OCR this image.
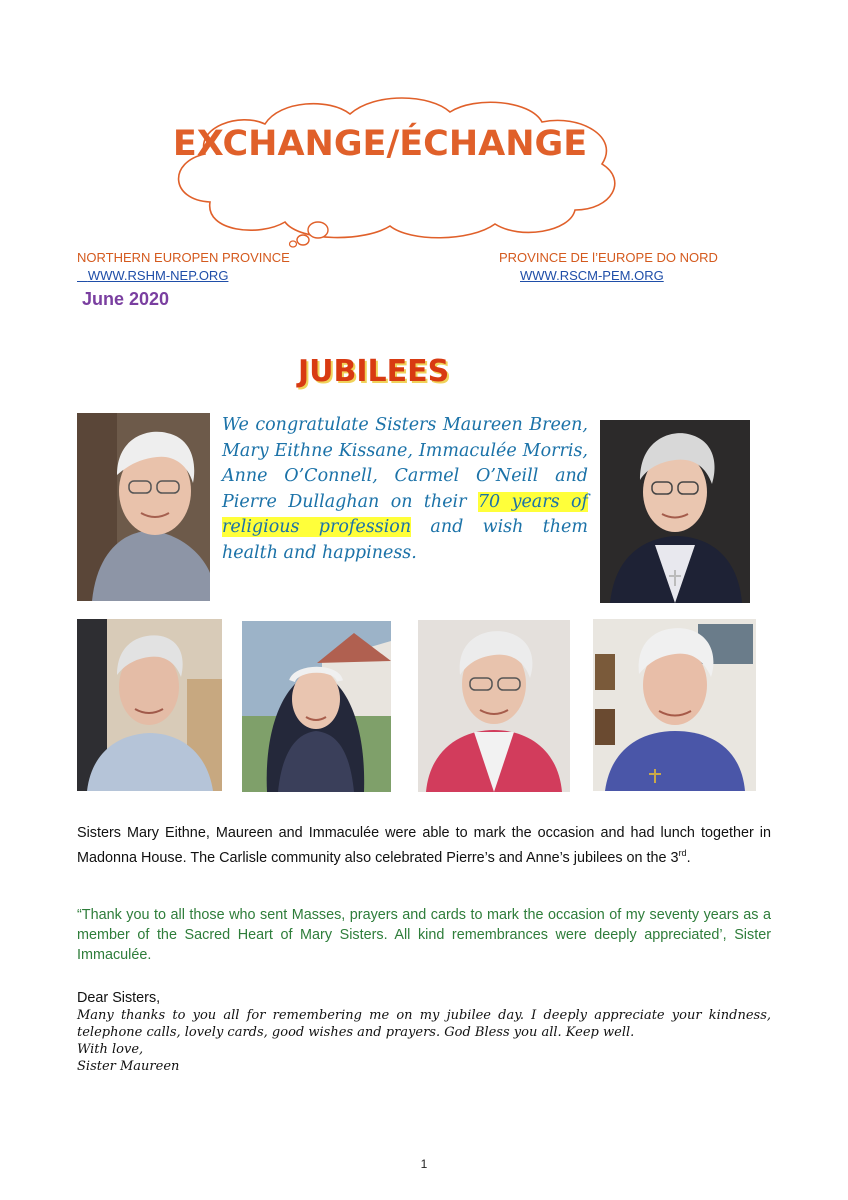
EXCHANGE/ÉCHANGE
NORTHERN EUROPEN PROVINCE
WWW.RSHM-NEP.ORG
PROVINCE DE l’EUROPE DO NORD
WWW.RSCM-PEM.ORG
June 2020
JUBILEES
We congratulate Sisters Maureen Breen, Mary Eithne Kissane, Immaculée Morris, Anne O’Connell, Carmel O’Neill and Pierre Dullaghan on their 70 years of religious profession and wish them health and happiness.
Sisters Mary Eithne, Maureen and Immaculée were able to mark the occasion and had lunch together in Madonna House. The Carlisle community also celebrated Pierre’s and Anne’s jubilees on the 3rd.
“Thank you to all those who sent Masses, prayers and cards to mark the occasion of my seventy years as a member of the Sacred Heart of Mary Sisters. All kind remembrances were deeply appreciated’, Sister Immaculée.
Dear Sisters,
Many thanks to you all for remembering me on my jubilee day. I deeply appreciate your kindness, telephone calls, lovely cards, good wishes and prayers. God Bless you all. Keep well.
With love,
Sister Maureen
1
